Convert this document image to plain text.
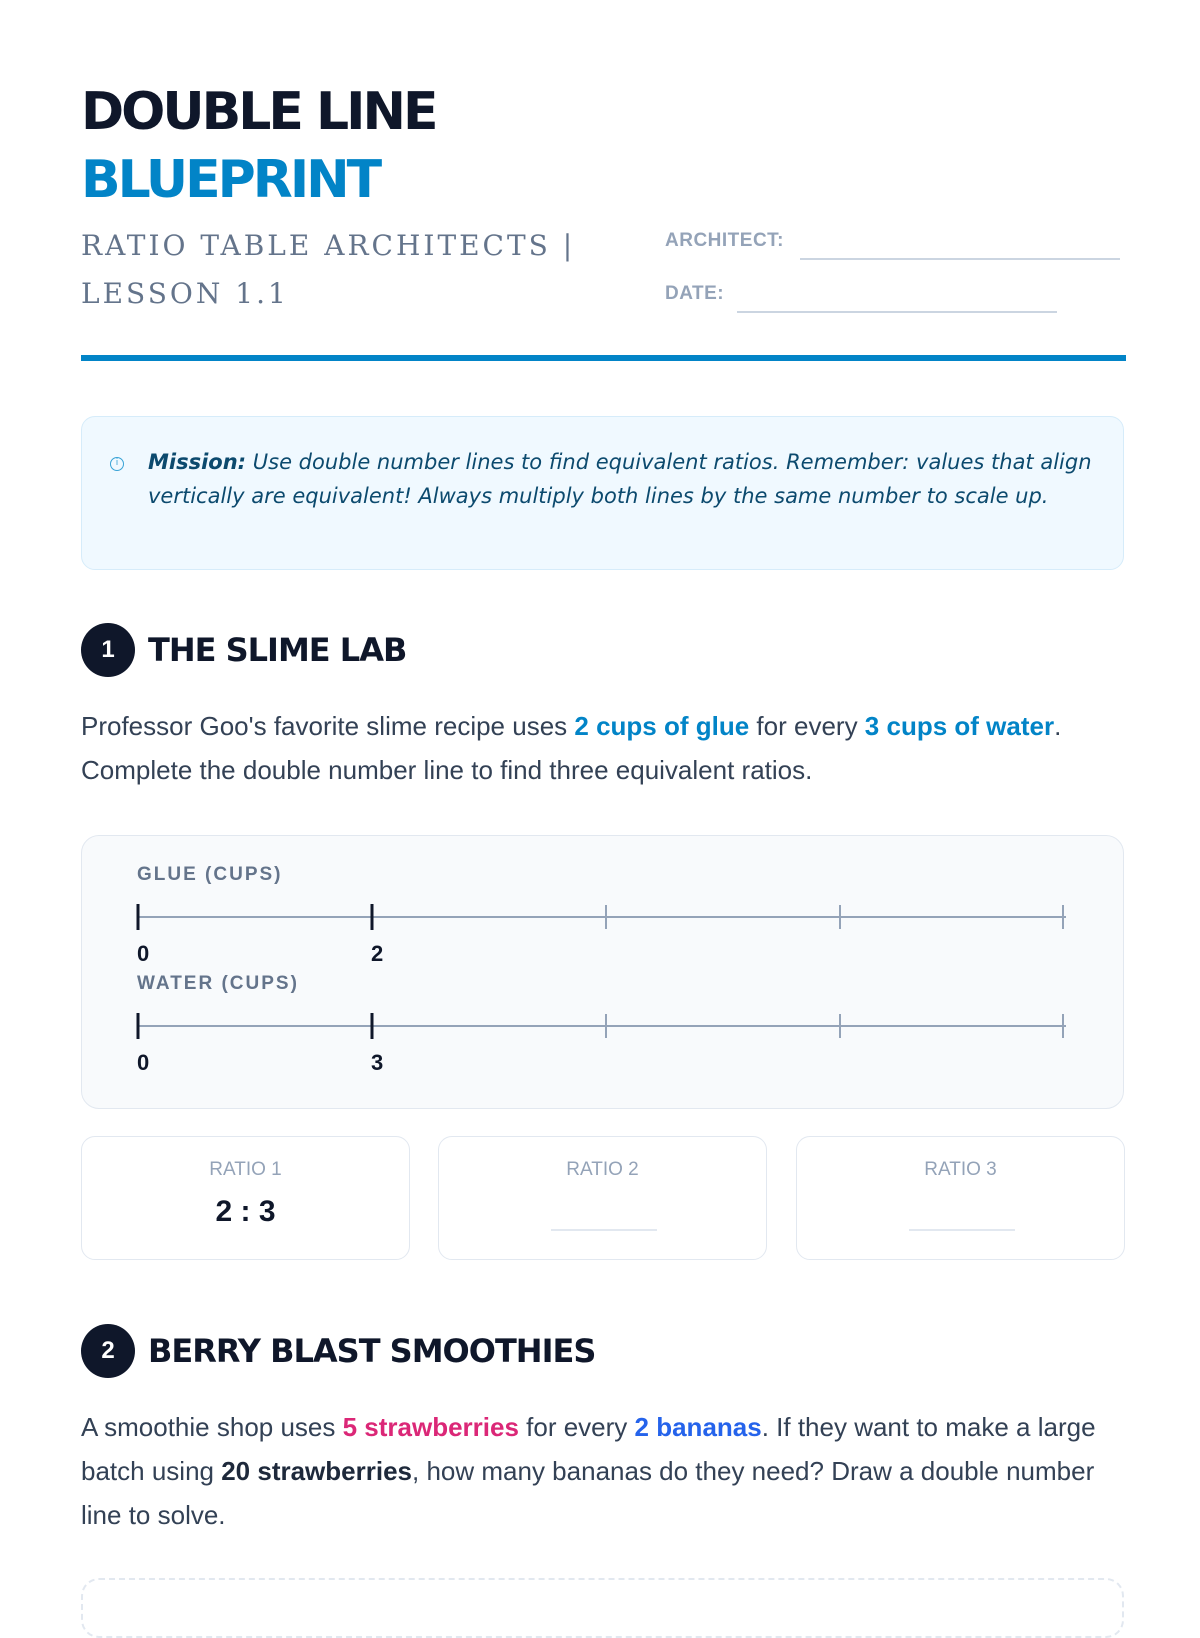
DOUBLE LINE
BLUEPRINT
RATIO TABLE ARCHITECTS | LESSON 1.1
ARCHITECT:
DATE:
i Mission: Use double number lines to find equivalent ratios. Remember: values that align vertically are equivalent! Always multiply both lines by the same number to scale up.
1	THE SLIME LAB
Professor Goo's favorite slime recipe uses 2 cups of glue for every 3 cups of water. Complete the double number line to find three equivalent ratios.
GLUE (CUPS)
WATER (CUPS)
0	2
0	3
RATIO 1
2 : 3
RATIO 2	RATIO 3
2	BERRY BLAST SMOOTHIES
A smoothie shop uses 5 strawberries for every 2 bananas. If they want to make a large batch using 20 strawberries, how many bananas do they need? Draw a double number line to solve.
